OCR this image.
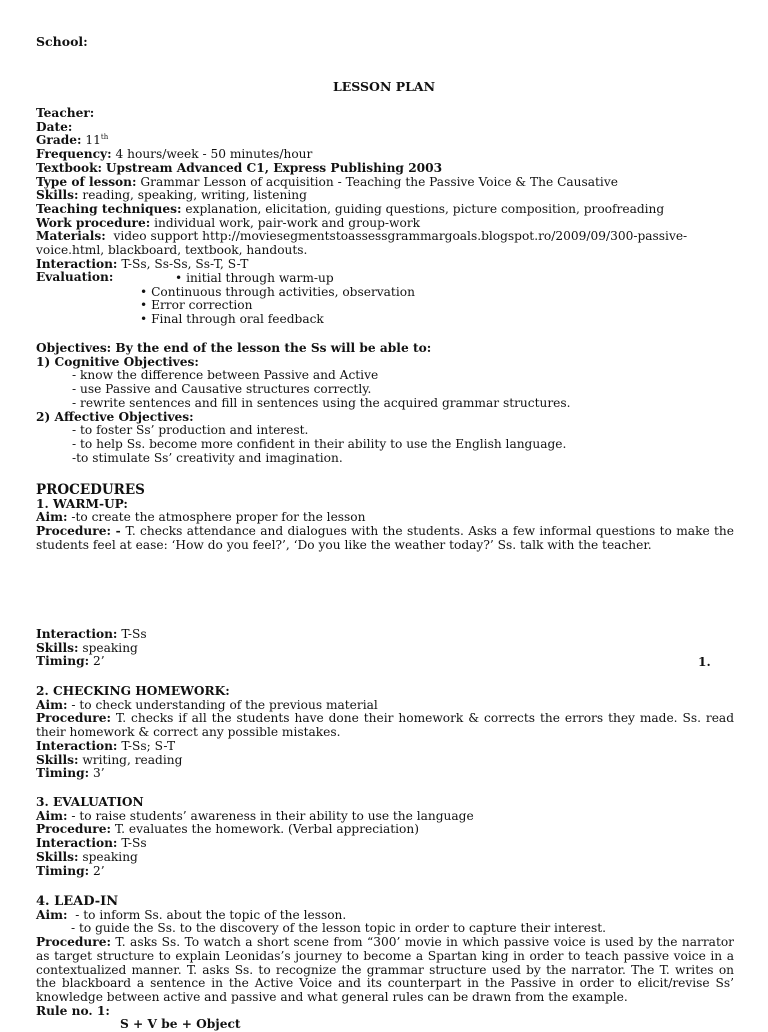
School:
LESSON PLAN
Teacher:
Date:
Grade: 11th
Frequency: 4 hours/week - 50 minutes/hour
Textbook: Upstream Advanced C1, Express Publishing 2003
Type of lesson: Grammar Lesson of acquisition - Teaching the Passive Voice & The Causative
Skills: reading, speaking, writing, listening
Teaching techniques: explanation, elicitation, guiding questions, picture composition, proofreading
Work procedure: individual work, pair-work and group-work
Materials: video support http://moviesegmentstoassessgrammargoals.blogspot.ro/2009/09/300-passive-voice.html, blackboard, textbook, handouts.
Interaction: T-Ss, Ss-Ss, Ss-T, S-T
Evaluation:	• initial through warm-up
• Continuous through activities, observation
• Error correction
• Final through oral feedback
Objectives: By the end of the lesson the Ss will be able to:
1) Cognitive Objectives:
- know the difference between Passive and Active
- use Passive and Causative structures correctly.
- rewrite sentences and fill in sentences using the acquired grammar structures.
2) Affective Objectives:
- to foster Ss’ production and interest.
- to help Ss. become more confident in their ability to use the English language.
-to stimulate Ss’ creativity and imagination.
PROCEDURES
1. WARM-UP:
Aim: -to create the atmosphere proper for the lesson
Procedure: - T. checks attendance and dialogues with the students. Asks a few informal questions to make the students feel at ease: ‘How do you feel?’, ‘Do you like the weather today?’ Ss. talk with the teacher.
Interaction: T-Ss
Skills: speaking
Timing: 2’	1.
2. CHECKING HOMEWORK:
Aim: - to check understanding of the previous material
Procedure: T. checks if all the students have done their homework & corrects the errors they made. Ss. read their homework & correct any possible mistakes.
Interaction: T-Ss; S-T
Skills: writing, reading
Timing: 3’
3. EVALUATION
Aim: - to raise students’ awareness in their ability to use the language
Procedure: T. evaluates the homework. (Verbal appreciation)
Interaction: T-Ss
Skills: speaking
Timing: 2’
4. LEAD-IN
Aim: - to inform Ss. about the topic of the lesson.
- to guide the Ss. to the discovery of the lesson topic in order to capture their interest.
Procedure: T. asks Ss. To watch a short scene from “300’ movie in which passive voice is used by the narrator as target structure to explain Leonidas’s journey to become a Spartan king in order to teach passive voice in a contextualized manner. T. asks Ss. to recognize the grammar structure used by the narrator. The T. writes on the blackboard a sentence in the Active Voice and its counterpart in the Passive in order to elicit/revise Ss’ knowledge between active and passive and what general rules can be drawn from the example.
Rule no. 1:
S + V be + Object
